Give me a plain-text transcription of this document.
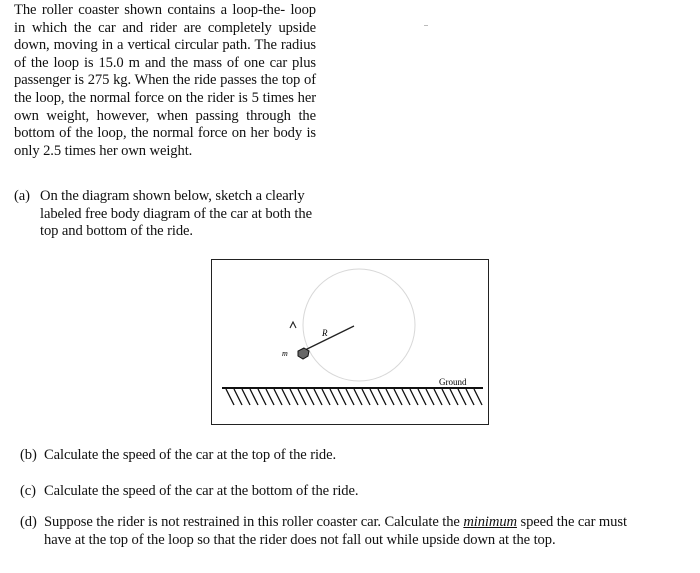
The roller coaster shown contains a loop-the- loop in which the car and rider are completely upside down, moving in a vertical circular path. The radius of the loop is 15.0 m and the mass of one car plus passenger is 275 kg. When the ride passes the top of the loop, the normal force on the rider is 5 times her own weight, however, when passing through the bottom of the loop, the normal force on her body is only 2.5 times her own weight.

(a) On the diagram shown below, sketch a clearly
labeled free body diagram of the car at both the
top and bottom of the ride.

R
m
Ground

(b) Calculate the speed of the car at the top of the ride.

(c) Calculate the speed of the car at the bottom of the ride.

(d) Suppose the rider is not restrained in this roller coaster car. Calculate the minimum speed the car must
have at the top of the loop so that the rider does not fall out while upside down at the top.
